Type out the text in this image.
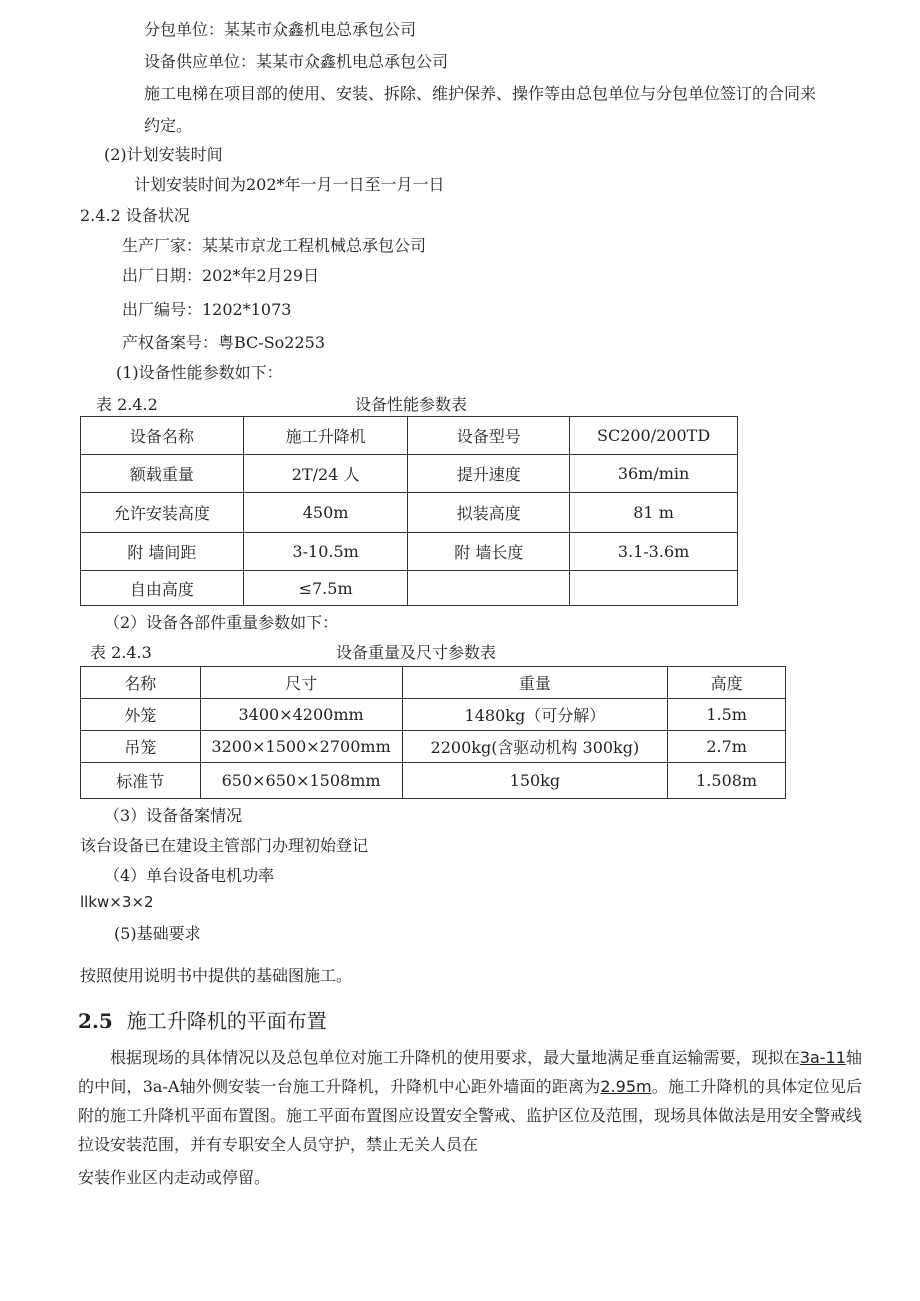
分包单位：某某市众鑫机电总承包公司
设备供应单位：某某市众鑫机电总承包公司
施工电梯在项目部的使用、安装、拆除、维护保养、操作等由总包单位与分包单位签订的合同来
约定。
(2)计划安装时间
计划安装时间为202*年一月一日至一月一日
2.4.2 设备状况
生产厂家：某某市京龙工程机械总承包公司
出厂日期：202*年2月29日
出厂编号：1202*1073
产权备案号：粤BC-So2253
(1)设备性能参数如下：
表 2.4.2	设备性能参数表
设备名称	施工升降机	设备型号	SC200/200TD
额载重量	2T/24 人	提升速度	36m/min
允许安装高度	450m	拟装高度	81 m
附 墙间距	3-10.5m	附 墙长度	3.1-3.6m
自由高度	≤7.5m		
（2）设备各部件重量参数如下：
表 2.4.3	设备重量及尺寸参数表
名称	尺寸	重量	高度
外笼	3400×4200mm	1480kg（可分解）	1.5m
吊笼	3200×1500×2700mm	2200kg(含驱动机构 300kg)	2.7m
标准节	650×650×1508mm	150kg	1.508m
（3）设备备案情况
该台设备已在建设主管部门办理初始登记
（4）单台设备电机功率
llkw×3×2
(5)基础要求
按照使用说明书中提供的基础图施工。
2.5 施工升降机的平面布置
根据现场的具体情况以及总包单位对施工升降机的使用要求，最大量地满足垂直运输需要，现拟在3a-11轴的中间，3a-A轴外侧安装一台施工升降机，升降机中心距外墙面的距离为2.95m。施工升降机的具体定位见后附的施工升降机平面布置图。施工平面布置图应设置安全警戒、监护区位及范围，现场具体做法是用安全警戒线拉设安装范围，并有专职安全人员守护，禁止无关人员在
安装作业区内走动或停留。
